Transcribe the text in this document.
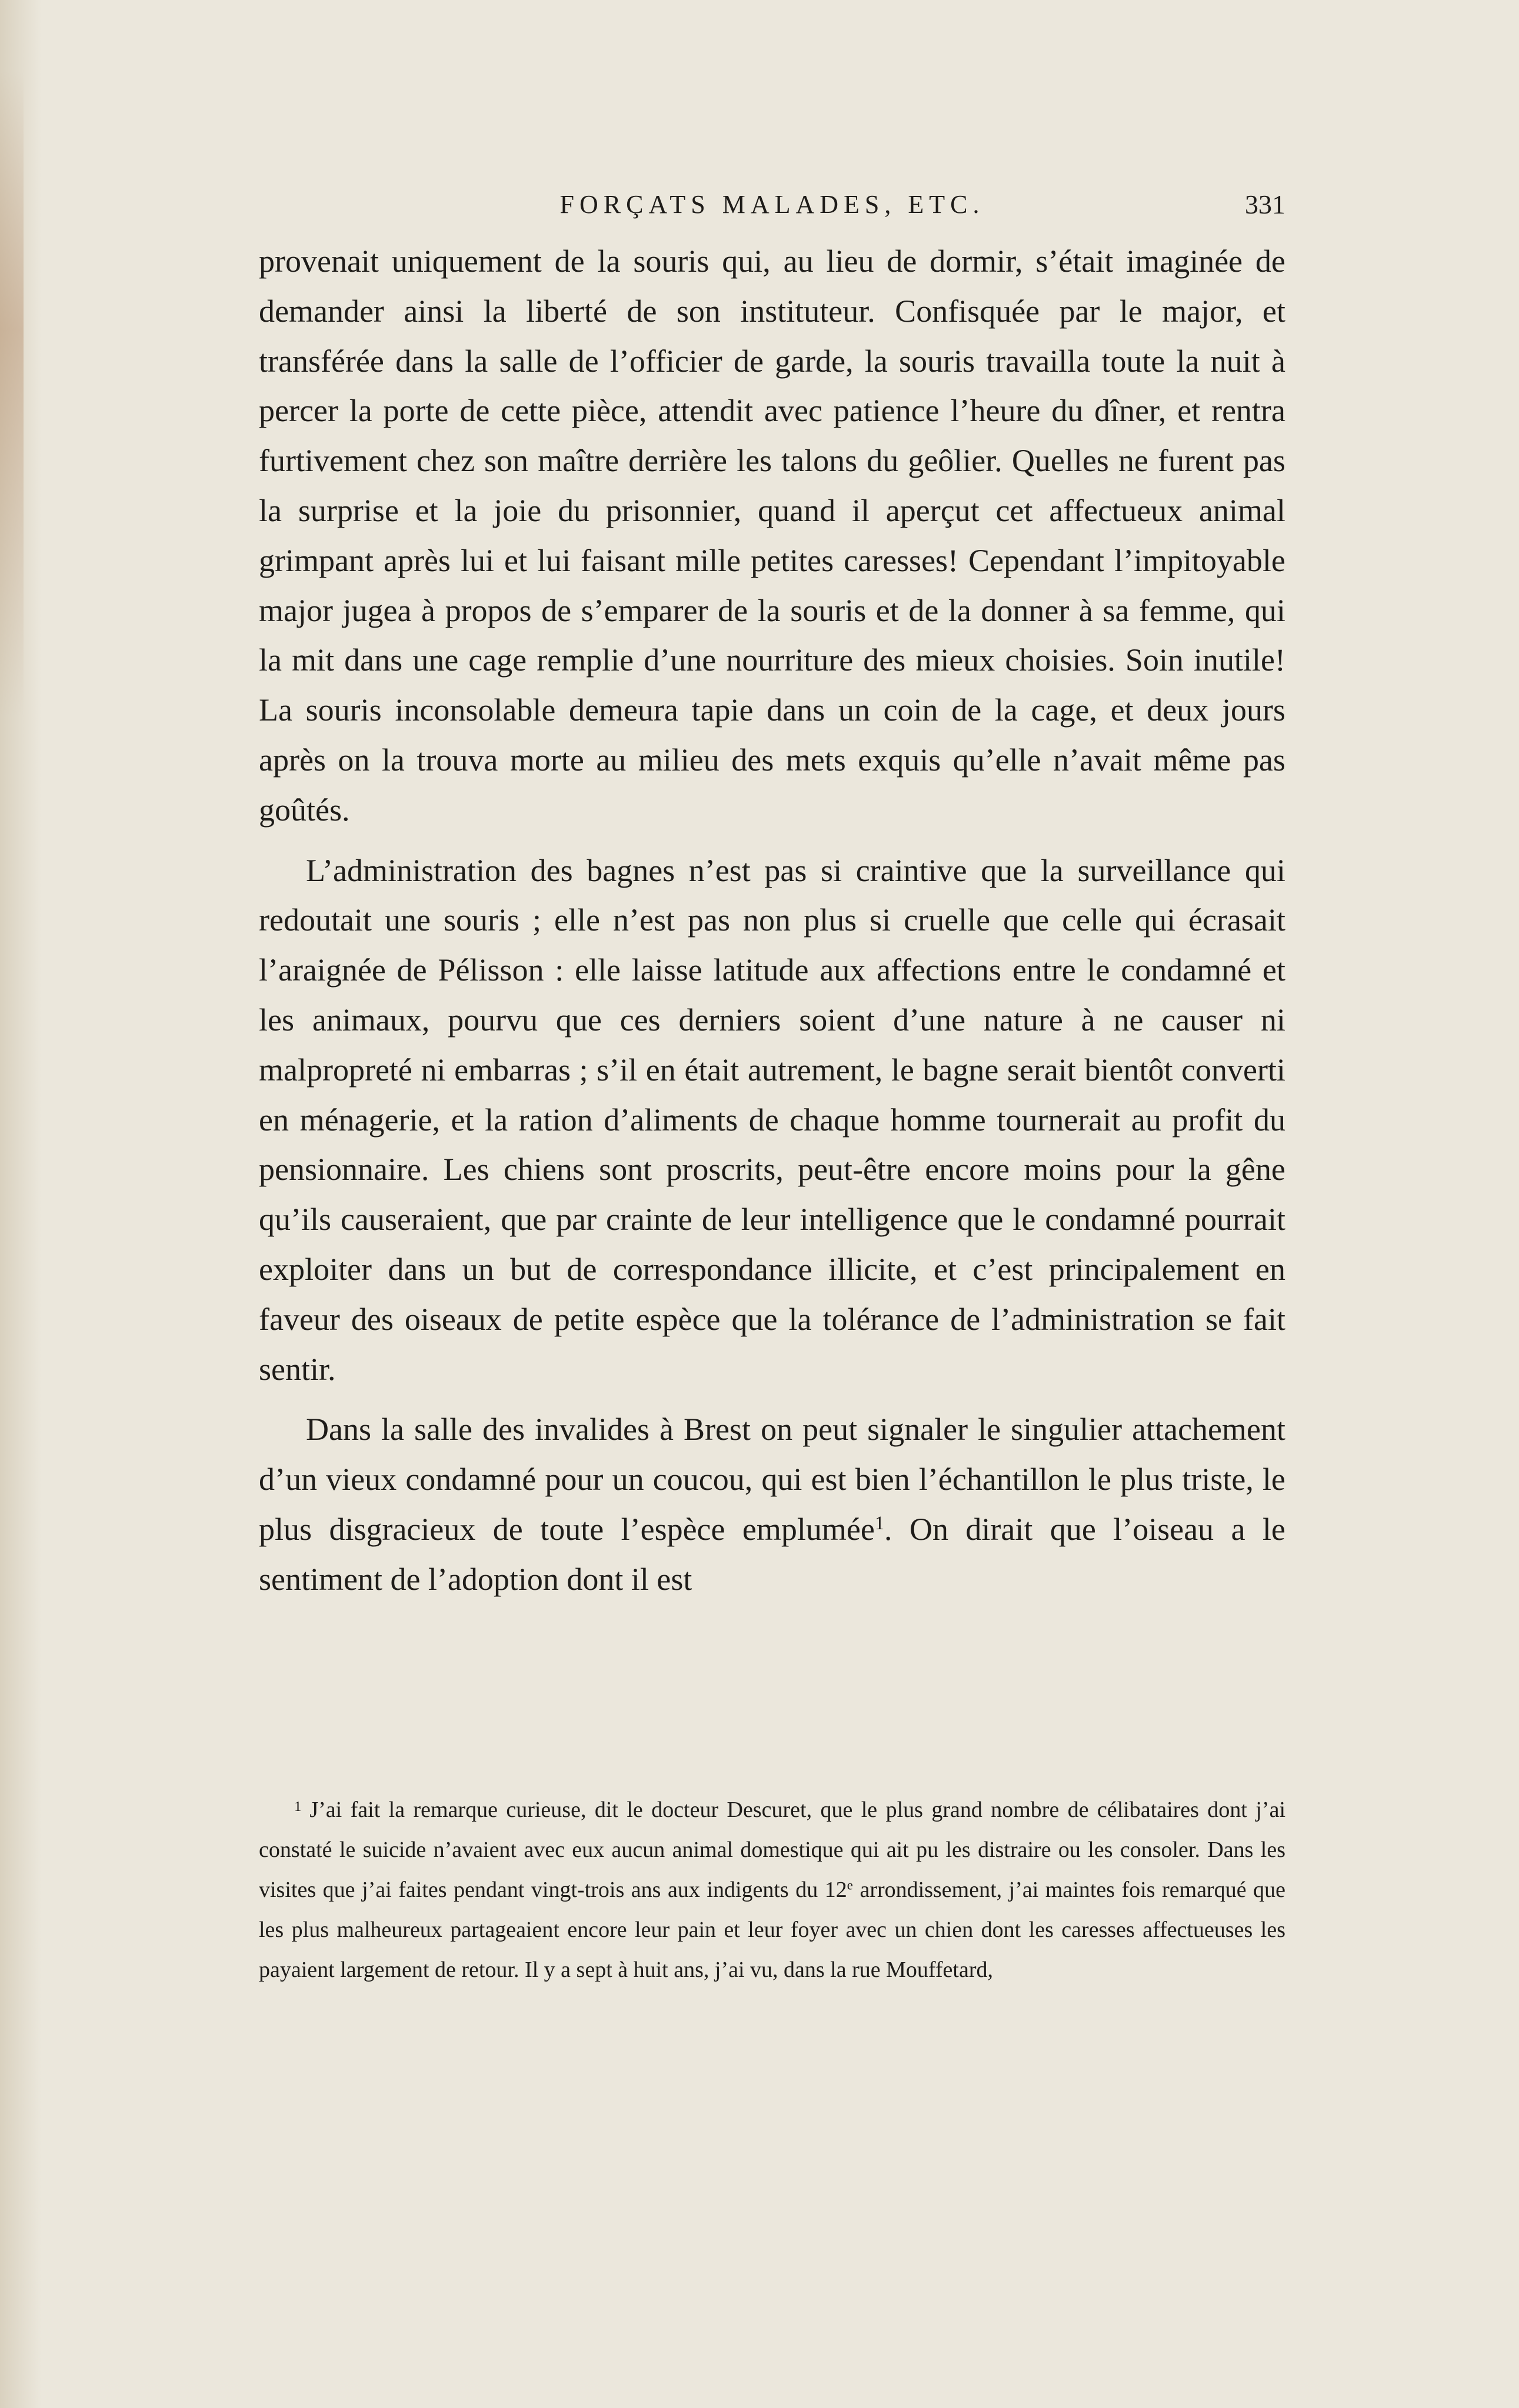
FORÇATS MALADES, ETC.	331

provenait uniquement de la souris qui, au lieu de dormir, s’était imaginée de demander ainsi la liberté de son instituteur. Confisquée par le major, et transférée dans la salle de l’officier de garde, la souris travailla toute la nuit à percer la porte de cette pièce, attendit avec patience l’heure du dîner, et rentra furtivement chez son maître derrière les talons du geôlier. Quelles ne furent pas la surprise et la joie du prisonnier, quand il aperçut cet affectueux animal grimpant après lui et lui faisant mille petites caresses! Cependant l’impitoyable major jugea à propos de s’emparer de la souris et de la donner à sa femme, qui la mit dans une cage remplie d’une nourriture des mieux choisies. Soin inutile! La souris inconsolable demeura tapie dans un coin de la cage, et deux jours après on la trouva morte au milieu des mets exquis qu’elle n’avait même pas goûtés.

L’administration des bagnes n’est pas si craintive que la surveillance qui redoutait une souris ; elle n’est pas non plus si cruelle que celle qui écrasait l’araignée de Pélisson : elle laisse latitude aux affections entre le condamné et les animaux, pourvu que ces derniers soient d’une nature à ne causer ni malpropreté ni embarras ; s’il en était autrement, le bagne serait bientôt converti en ménagerie, et la ration d’aliments de chaque homme tournerait au profit du pensionnaire. Les chiens sont proscrits, peut-être encore moins pour la gêne qu’ils causeraient, que par crainte de leur intelligence que le condamné pourrait exploiter dans un but de correspondance illicite, et c’est principalement en faveur des oiseaux de petite espèce que la tolérance de l’administration se fait sentir.

Dans la salle des invalides à Brest on peut signaler le singulier attachement d’un vieux condamné pour un coucou, qui est bien l’échantillon le plus triste, le plus disgracieux de toute l’espèce emplumée$^1$. On dirait que l’oiseau a le sentiment de l’adoption dont il est

$^1$ J’ai fait la remarque curieuse, dit le docteur Descuret, que le plus grand nombre de célibataires dont j’ai constaté le suicide n’avaient avec eux aucun animal domestique qui ait pu les distraire ou les consoler. Dans les visites que j’ai faites pendant vingt-trois ans aux indigents du 12e arrondissement, j’ai maintes fois remarqué que les plus malheureux partageaient encore leur pain et leur foyer avec un chien dont les caresses affectueuses les payaient largement de retour. Il y a sept à huit ans, j’ai vu, dans la rue Mouffetard,
